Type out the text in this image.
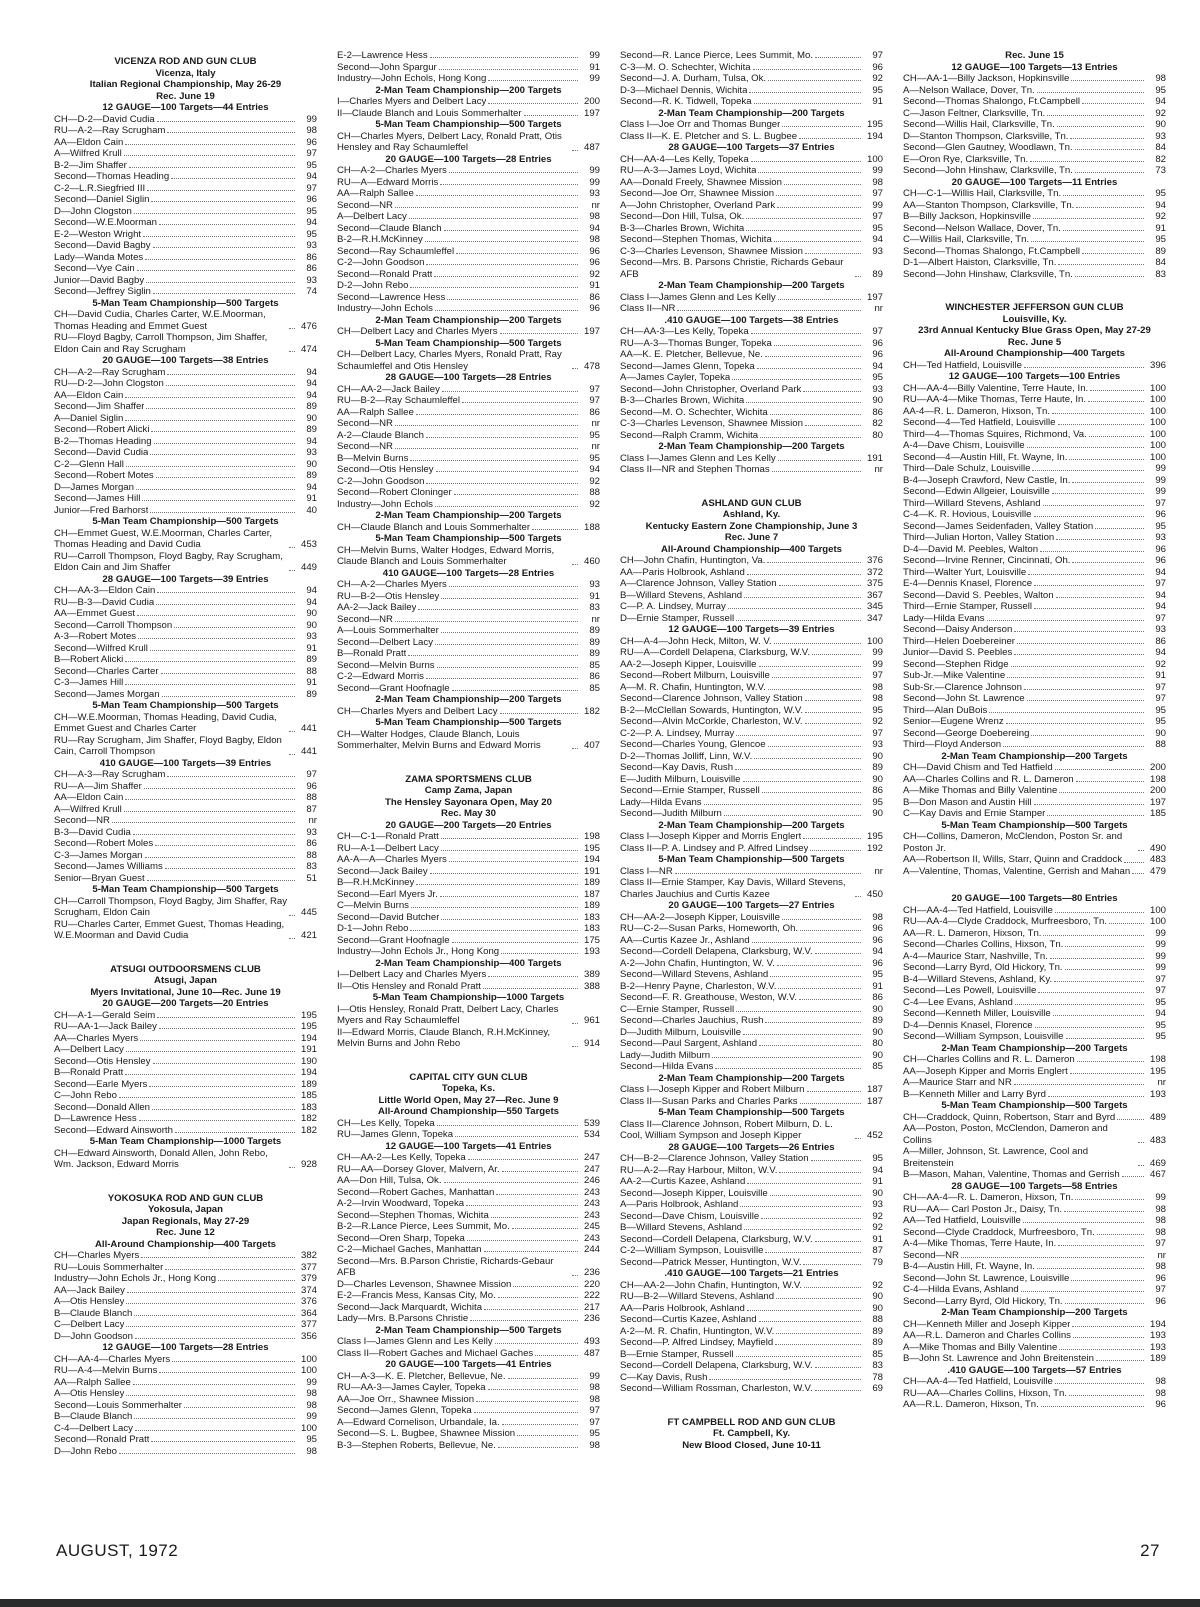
VICENZA ROD AND GUN CLUB
Vicenza, Italy
Italian Regional Championship, May 26-29
Rec. June 19
12 GAUGE—100 Targets—44 Entries
CH—D-2—David Cudia	99
RU—A-2—Ray Scrugham	98
AA—Eldon Cain	96
A—Wilfred Krull	97
B-2—Jim Shaffer	95
Second—Thomas Heading	94
C-2—L.R.Siegfried III	97
Second—Daniel Siglin	96
D—John Clogston	95
Second—W.E.Moorman	94
E-2—Weston Wright	95
Second—David Bagby	93
Lady—Wanda Motes	86
Second—Vye Cain	86
Junior—David Bagby	93
Second—Jeffrey Siglin	74
5-Man Team Championship—500 Targets
CH—David Cudia, Charles Carter, W.E.Moorman, Thomas Heading and Emmet Guest	476
RU—Floyd Bagby, Carroll Thompson, Jim Shaffer, Eldon Cain and Ray Scrugham	474
20 GAUGE—100 Targets—38 Entries
CH—A-2—Ray Scrugham	94
RU—D-2—John Clogston	94
AA—Eldon Cain	94
Second—Jim Shaffer	89
A—Daniel Siglin	90
Second—Robert Alicki	89
B-2—Thomas Heading	94
Second—David Cudia	93
C-2—Glenn Hall	90
Second—Robert Motes	89
D—James Morgan	94
Second—James Hill	91
Junior—Fred Barhorst	40
5-Man Team Championship—500 Targets
CH—Emmet Guest, W.E.Moorman, Charles Carter, Thomas Heading and David Cudia	453
RU—Carroll Thompson, Floyd Bagby, Ray Scrugham, Eldon Cain and Jim Shaffer	449
28 GAUGE—100 Targets—39 Entries
CH—AA-3—Eldon Cain	94
RU—B-3—David Cudia	94
AA—Emmet Guest	90
Second—Carroll Thompson	90
A-3—Robert Motes	93
Second—Wilfred Krull	91
B—Robert Alicki	89
Second—Charles Carter	88
C-3—James Hill	91
Second—James Morgan	89
5-Man Team Championship—500 Targets
CH—W.E.Moorman, Thomas Heading, David Cudia, Emmet Guest and Charles Carter	441
RU—Ray Scrugham, Jim Shaffer, Floyd Bagby, Eldon Cain, Carroll Thompson	441
410 GAUGE—100 Targets—39 Entries
CH—A-3—Ray Scrugham	97
RU—A—Jim Shaffer	96
AA—Eldon Cain	88
A—Wilfred Krull	87
Second—NR	nr
B-3—David Cudia	93
Second—Robert Moles	86
C-3—James Morgan	88
Second—James Williams	83
Senior—Bryan Guest	51
5-Man Team Championship—500 Targets
CH—Carroll Thompson, Floyd Bagby, Jim Shaffer, Ray Scrugham, Eldon Cain	445
RU—Charles Carter, Emmet Guest, Thomas Heading, W.E.Moorman and David Cudia	421
ATSUGI OUTDOORSMENS CLUB
Atsugi, Japan
Myers Invitational, June 10—Rec. June 19
20 GAUGE—200 Targets—20 Entries
CH—A-1—Gerald Seim	195
RU—AA-1—Jack Bailey	195
AA—Charles Myers	194
A—Delbert Lacy	191
Second—Otis Hensley	190
B—Ronald Pratt	194
Second—Earle Myers	189
C—John Rebo	185
Second—Donald Allen	183
D—Lawrence Hess	182
Second—Edward Ainsworth	182
5-Man Team Championship—1000 Targets
CH—Edward Ainsworth, Donald Allen, John Rebo, Wm. Jackson, Edward Morris	928
YOKOSUKA ROD AND GUN CLUB
Yokosula, Japan
Japan Regionals, May 27-29
Rec. June 12
All-Around Championship—400 Targets
CH—Charles Myers	382
RU—Louis Sommerhalter	377
Industry—John Echols Jr., Hong Kong	379
AA—Jack Bailey	374
A—Otis Hensley	376
B—Claude Blanch	364
C—Delbert Lacy	377
D—John Goodson	356
12 GAUGE—100 Targets—28 Entries
CH—AA-4—Charles Myers	100
RU—A-4—Melvin Burns	100
AA—Ralph Sallee	99
A—Otis Hensley	98
Second—Louis Sommerhalter	98
B—Claude Blanch	99
C-4—Delbert Lacy	100
Second—Ronald Pratt	95
D—John Rebo	98
E-2—Lawrence Hess	99
Second—John Spargur	91
Industry—John Echols, Hong Kong	99
2-Man Team Championship—200 Targets
I—Charles Myers and Delbert Lacy	200
II—Claude Blanch and Louis Sommerhalter	197
5-Man Team Championship—500 Targets
CH—Charles Myers, Delbert Lacy, Ronald Pratt, Otis Hensley and Ray Schaumleffel	487
20 GAUGE—100 Targets—28 Entries
CH—A-2—Charles Myers	99
RU—A—Edward Morris	99
AA—Ralph Sallee	93
Second—NR	nr
A—Delbert Lacy	98
Second—Claude Blanch	94
B-2—R.H.McKinney	98
Second—Ray Schaumleffel	96
C-2—John Goodson	96
Second—Ronald Pratt	92
D-2—John Rebo	91
Second—Lawrence Hess	86
Industry—John Echols	96
2-Man Team Championship—200 Targets
CH—Delbert Lacy and Charles Myers	197
5-Man Team Championship—500 Targets
CH—Delbert Lacy, Charles Myers, Ronald Pratt, Ray Schaumleffel and Otis Hensley	478
28 GAUGE—100 Targets—28 Entries
CH—AA-2—Jack Bailey	97
RU—B-2—Ray Schaumleffel	97
AA—Ralph Sallee	86
Second—NR	nr
A-2—Claude Blanch	95
Second—NR	nr
B—Melvin Burns	95
Second—Otis Hensley	94
C-2—John Goodson	92
Second—Robert Cloninger	88
Industry—John Echols	92
2-Man Team Championship—200 Targets
CH—Claude Blanch and Louis Sommerhalter	188
5-Man Team Championship—500 Targets
CH—Melvin Burns, Walter Hodges, Edward Morris, Claude Blanch and Louis Sommerhalter	460
410 GAUGE—100 Targets—28 Entries
CH—A-2—Charles Myers	93
RU—B-2—Otis Hensley	91
AA-2—Jack Bailey	83
Second—NR	nr
A—Louis Sommerhalter	89
Second—Delbert Lacy	89
B—Ronald Pratt	89
Second—Melvin Burns	85
C-2—Edward Morris	86
Second—Grant Hoofnagle	85
2-Man Team Championship—200 Targets
CH—Charles Myers and Delbert Lacy	182
5-Man Team Championship—500 Targets
CH—Walter Hodges, Claude Blanch, Louis Sommerhalter, Melvin Burns and Edward Morris	407
ZAMA SPORTSMENS CLUB
Camp Zama, Japan
The Hensley Sayonara Open, May 20
Rec. May 30
20 GAUGE—200 Targets—20 Entries
CH—C-1—Ronald Pratt	198
RU—A-1—Delbert Lacy	195
AA-A—A—Charles Myers	194
Second—Jack Bailey	191
B—R.H.McKinney	189
Second—Earl Myers Jr.	187
C—Melvin Burns	189
Second—David Butcher	183
D-1—John Rebo	183
Second—Grant Hoofnagle	175
Industry—John Echols Jr., Hong Kong	193
2-Man Team Championship—400 Targets
I—Delbert Lacy and Charles Myers	389
II—Otis Hensley and Ronald Pratt	388
5-Man Team Championship—1000 Targets
I—Otis Hensley, Ronald Pratt, Delbert Lacy, Charles Myers and Ray Schaumleffel	961
II—Edward Morris, Claude Blanch, R.H.McKinney, Melvin Burns and John Rebo	914
CAPITAL CITY GUN CLUB
Topeka, Ks.
Little World Open, May 27—Rec. June 9
All-Around Championship—550 Targets
CH—Les Kelly, Topeka	539
RU—James Glenn, Topeka	534
12 GAUGE—100 Targets—41 Entries
CH—AA-2—Les Kelly, Topeka	247
RU—AA—Dorsey Glover, Malvern, Ar.	247
AA—Don Hill, Tulsa, Ok.	246
Second—Robert Gaches, Manhattan	243
A-2—Irvin Woodward, Topeka	243
Second—Stephen Thomas, Wichita	243
B-2—R.Lance Pierce, Lees Summit, Mo.	245
Second—Oren Sharp, Topeka	243
C-2—Michael Gaches, Manhattan	244
Second—Mrs. B.Parson Christie, Richards-Gebaur AFB	236
D—Charles Levenson, Shawnee Mission	220
E-2—Francis Mess, Kansas City, Mo.	222
Second—Jack Marquardt, Wichita	217
Lady—Mrs. B.Parsons Christie	236
2-Man Team Championship—500 Targets
Class I—James Glenn and Les Kelly	493
Class II—Robert Gaches and Michael Gaches	487
20 GAUGE—100 Targets—41 Entries
CH—A-3—K. E. Pletcher, Bellevue, Ne.	99
RU—AA-3—James Cayler, Topeka	98
AA—Joe Orr., Shawnee Mission	98
Second—James Glenn, Topeka	97
A—Edward Cornelison, Urbandale, Ia.	97
Second—S. L. Bugbee, Shawnee Mission	95
B-3—Stephen Roberts, Bellevue, Ne.	98
Second—R. Lance Pierce, Lees Summit, Mo.	97
C-3—M. O. Schechter, Wichita	96
Second—J. A. Durham, Tulsa, Ok.	92
D-3—Michael Dennis, Wichita	95
Second—R. K. Tidwell, Topeka	91
2-Man Team Championship—200 Targets
Class I—Joe Orr and Thomas Bunger	195
Class II—K. E. Pletcher and S. L. Bugbee	194
28 GAUGE—100 Targets—37 Entries
CH—AA-4—Les Kelly, Topeka	100
RU—A-3—James Loyd, Wichita	99
AA—Donald Freely, Shawnee Mission	98
Second—Joe Orr, Shawnee Mission	97
A—John Christopher, Overland Park	99
Second—Don Hill, Tulsa, Ok.	97
B-3—Charles Brown, Wichita	95
Second—Stephen Thomas, Wichita	94
C-3—Charles Levenson, Shawnee Mission	93
Second—Mrs. B. Parsons Christie, Richards Gebaur AFB	89
2-Man Team Championship—200 Targets
Class I—James Glenn and Les Kelly	197
Class II—NR	nr
.410 GAUGE—100 Targets—38 Entries
CH—AA-3—Les Kelly, Topeka	97
RU—A-3—Thomas Bunger, Topeka	96
AA—K. E. Pletcher, Bellevue, Ne.	96
Second—James Glenn, Topeka	94
A—James Cayler, Topeka	95
Second—John Christopher, Overland Park	93
B-3—Charles Brown, Wichita	90
Second—M. O. Schechter, Wichita	86
C-3—Charles Levenson, Shawnee Mission	82
Second—Ralph Cramm, Wichita	80
2-Man Team Championship—200 Targets
Class I—James Glenn and Les Kelly	191
Class II—NR and Stephen Thomas	nr
ASHLAND GUN CLUB
Ashland, Ky.
Kentucky Eastern Zone Championship, June 3
Rec. June 7
All-Around Championship—400 Targets
CH—John Chafin, Huntington, Va.	376
AA—Paris Holbrook, Ashland	372
A—Clarence Johnson, Valley Station	375
B—Willard Stevens, Ashland	367
C—P. A. Lindsey, Murray	345
D—Ernie Stamper, Russell	347
12 GAUGE—100 Targets—39 Entries
CH—A-4—John Heck, Milton, W. V.	100
RU—A—Cordell Delapena, Clarksburg, W.V.	99
AA-2—Joseph Kipper, Louisville	99
Second—Robert Milburn, Louisville	97
A—M. R. Chafin, Huntington, W.V.	98
Second—Clarence Johnson, Valley Station	98
B-2—McClellan Sowards, Huntington, W.V.	95
Second—Alvin McCorkle, Charleston, W.V.	92
C-2—P. A. Lindsey, Murray	97
Second—Charles Young, Glencoe	93
D-2—Thomas Jolliff, Linn, W.V.	90
Second—Kay Davis, Rush	89
E—Judith Milburn, Louisville	90
Second—Ernie Stamper, Russell	86
Lady—Hilda Evans	95
Second—Judith Milburn	90
2-Man Team Championship—200 Targets
Class I—Joseph Kipper and Morris Englert	195
Class II—P. A. Lindsey and P. Alfred Lindsey	192
5-Man Team Championship—500 Targets
Class I—NR	nr
Class II—Ernie Stamper, Kay Davis, Willard Stevens, Charles Jauchius and Curtis Kazee	450
20 GAUGE—100 Targets—27 Entries
CH—AA-2—Joseph Kipper, Louisville	98
RU—C-2—Susan Parks, Homeworth, Oh.	96
AA—Curtis Kazee Jr., Ashland	96
Second—Cordell Delapena, Clarksburg, W.V.	94
A-2—John Chafin, Huntington, W. V.	96
Second—Willard Stevens, Ashland	95
B-2—Henry Payne, Charleston, W.V.	91
Second—F. R. Greathouse, Weston, W.V.	86
C—Ernie Stamper, Russell	90
Second—Charles Jauchius, Rush	89
D—Judith Milburn, Louisville	90
Second—Paul Sargent, Ashland	80
Lady—Judith Milburn	90
Second—Hilda Evans	85
2-Man Team Championship—200 Targets
Class I—Joseph Kipper and Robert Milburn	187
Class II—Susan Parks and Charles Parks	187
5-Man Team Championship—500 Targets
Class II—Clarence Johnson, Robert Milburn, D. L. Cool, William Sympson and Joseph Kipper	452
28 GAUGE—100 Targets—26 Entries
CH—B-2—Clarence Johnson, Valley Station	95
RU—A-2—Ray Harbour, Milton, W.V.	94
AA-2—Curtis Kazee, Ashland	91
Second—Joseph Kipper, Louisville	90
A—Paris Holbrook, Ashland	93
Second—Dave Chism, Louisville	92
B—Willard Stevens, Ashland	92
Second—Cordell Delapena, Clarksburg, W.V.	91
C-2—William Sympson, Louisville	87
Second—Patrick Messer, Huntington, W.V.	79
.410 GAUGE—100 Targets—21 Entries
CH—AA-2—John Chafin, Huntington, W.V.	92
RU—B-2—Willard Stevens, Ashland	90
AA—Paris Holbrook, Ashland	90
Second—Curtis Kazee, Ashland	88
A-2—M. R. Chafin, Huntington, W.V.	89
Second—P. Alfred Lindsey, Mayfield	89
B—Ernie Stamper, Russell	85
Second—Cordell Delapena, Clarksburg, W.V.	83
C—Kay Davis, Rush	78
Second—William Rossman, Charleston, W.V.	69
FT CAMPBELL ROD AND GUN CLUB
Ft. Campbell, Ky.
New Blood Closed, June 10-11
Rec. June 15
12 GAUGE—100 Targets—13 Entries
CH—AA-1—Billy Jackson, Hopkinsville	98
A—Nelson Wallace, Dover, Tn.	95
Second—Thomas Shalongo, Ft.Campbell	94
C—Jason Feltner, Clarksville, Tn.	92
Second—Willis Hail, Clarksville, Tn.	90
D—Stanton Thompson, Clarksville, Tn.	93
Second—Glen Gautney, Woodlawn, Tn.	84
E—Oron Rye, Clarksville, Tn.	82
Second—John Hinshaw, Clarksville, Tn.	73
20 GAUGE—100 Targets—11 Entries
CH—C-1—Willis Hail, Clarksville, Tn.	95
AA—Stanton Thompson, Clarksville, Tn.	94
B—Billy Jackson, Hopkinsville	92
Second—Nelson Wallace, Dover, Tn.	91
C—Willis Hail, Clarksville, Tn.	95
Second—Thomas Shalongo, Ft.Campbell	89
D-1—Albert Haiston, Clarksville, Tn.	84
Second—John Hinshaw, Clarksville, Tn.	83
WINCHESTER JEFFERSON GUN CLUB
Louisville, Ky.
23rd Annual Kentucky Blue Grass Open, May 27-29
Rec. June 5
All-Around Championship—400 Targets
CH—Ted Hatfield, Louisville	396
12 GAUGE—100 Targets—100 Entries
CH—AA-4—Billy Valentine, Terre Haute, In.	100
RU—AA-4—Mike Thomas, Terre Haute, In.	100
AA-4—R. L. Dameron, Hixson, Tn.	100
Second—4—Ted Hatfield, Louisville	100
Third—4—Thomas Squires, Richmond, Va.	100
A-4—Dave Chism, Louisville	100
Second—4—Austin Hill, Ft. Wayne, In.	100
Third—Dale Schulz, Louisville	99
B-4—Joseph Crawford, New Castle, In.	99
Second—Edwin Allgeier, Louisville	99
Third—Willard Stevens, Ashland	97
C-4—K. R. Hovious, Louisville	96
Second—James Seidenfaden, Valley Station	95
Third—Julian Horton, Valley Station	93
D-4—David M. Peebles, Walton	96
Second—Irvine Renner, Cincinnati, Oh.	96
Third—Walter Yurt, Louisville	94
E-4—Dennis Knasel, Florence	97
Second—David S. Peebles, Walton	94
Third—Ernie Stamper, Russell	94
Lady—Hilda Evans	97
Second—Daisy Anderson	93
Third—Helen Doebereiner	86
Junior—David S. Peebles	94
Second—Stephen Ridge	92
Sub-Jr.—Mike Valentine	91
Sub-Sr.—Clarence Johnson	97
Second—John St. Lawrence	97
Third—Alan DuBois	95
Senior—Eugene Wrenz	95
Second—George Doebereing	90
Third—Floyd Anderson	88
2-Man Team Championship—200 Targets
CH—David Chism and Ted Hatfield	200
AA—Charles Collins and R. L. Dameron	198
A—Mike Thomas and Billy Valentine	200
B—Don Mason and Austin Hill	197
C—Kay Davis and Ernie Stamper	185
5-Man Team Championship—500 Targets
CH—Collins, Dameron, McClendon, Poston Sr. and Poston Jr.	490
AA—Robertson II, Wills, Starr, Quinn and Craddock	483
A—Valentine, Thomas, Valentine, Gerrish and Mahan	479
20 GAUGE—100 Targets—80 Entries
CH—AA-4—Ted Hatfield, Louisville	100
RU—AA-4—Clyde Craddock, Murfreesboro, Tn.	100
AA—R. L. Dameron, Hixson, Tn.	99
Second—Charles Collins, Hixson, Tn.	99
A-4—Maurice Starr, Nashville, Tn.	99
Second—Larry Byrd, Old Hickory, Tn.	99
B-4—Willard Stevens, Ashland, Ky.	97
Second—Les Powell, Louisville	97
C-4—Lee Evans, Ashland	95
Second—Kenneth Miller, Louisville	94
D-4—Dennis Knasel, Florence	95
Second—William Sympson, Louisville	95
2-Man Team Championship—200 Targets
CH—Charles Collins and R. L. Dameron	198
AA—Joseph Kipper and Morris Englert	195
A—Maurice Starr and NR	nr
B—Kenneth Miller and Larry Byrd	193
5-Man Team Championship—500 Targets
CH—Craddock, Quinn, Robertson, Starr and Byrd	489
AA—Poston, Poston, McClendon, Dameron and Collins	483
A—Miller, Johnson, St. Lawrence, Cool and Breitenstein	469
B—Mason, Mahan, Valentine, Thomas and Gerrish	467
28 GAUGE—100 Targets—58 Entries
CH—AA-4—R. L. Dameron, Hixson, Tn.	99
RU—AA— Carl Poston Jr., Daisy, Tn.	98
AA—Ted Hatfield, Louisville	98
Second—Clyde Craddock, Murfreesboro, Tn.	98
A-4—Mike Thomas, Terre Haute, In.	97
Second—NR	nr
B-4—Austin Hill, Ft. Wayne, In.	98
Second—John St. Lawrence, Louisville	96
C-4—Hilda Evans, Ashland	97
Second—Larry Byrd, Old Hickory, Tn.	96
2-Man Team Championship—200 Targets
CH—Kenneth Miller and Joseph Kipper	194
AA—R.L. Dameron and Charles Collins	193
A—Mike Thomas and Billy Valentine	193
B—John St. Lawrence and John Breitenstein	189
.410 GAUGE—100 Targets—57 Entries
CH—AA-4—Ted Hatfield, Louisville	98
RU—AA—Charles Collins, Hixson, Tn.	98
AA—R.L. Dameron, Hixson, Tn.	96
AUGUST, 1972	27
